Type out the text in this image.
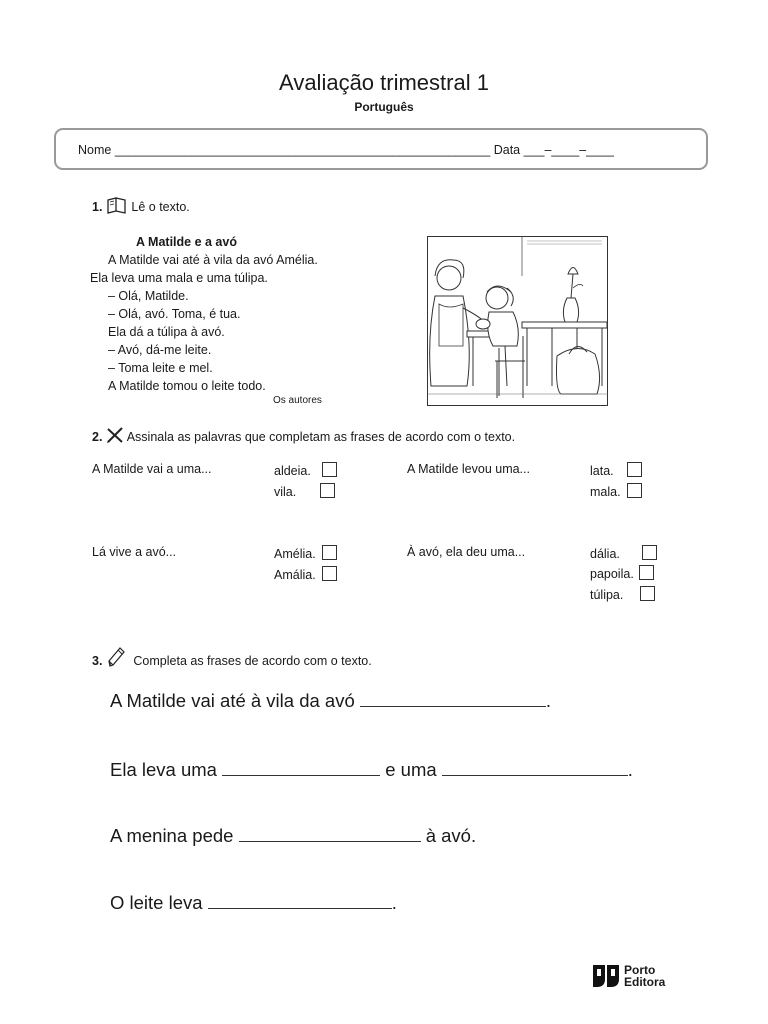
Avaliação trimestral 1
Português
Nome ______________________________________________________ Data ___–____–____
1. Lê o texto.
A Matilde e a avó
A Matilde vai até à vila da avó Amélia.
Ela leva uma mala e uma túlipa.
– Olá, Matilde.
– Olá, avó. Toma, é tua.
Ela dá a túlipa à avó.
– Avó, dá-me leite.
– Toma leite e mel.
A Matilde tomou o leite todo.
Os autores
2. Assinala as palavras que completam as frases de acordo com o texto.
A Matilde vai a uma...	aldeia.
vila.
A Matilde levou uma...	lata.
mala.
Lá vive a avó...	Amélia.
Amália.
À avó, ela deu uma...	dália.
papoila.
túlipa.
3. Completa as frases de acordo com o texto.
A Matilde vai até à vila da avó	.
Ela leva uma	e uma	.
A menina pede	à avó.
O leite leva	.
Porto
Editora
